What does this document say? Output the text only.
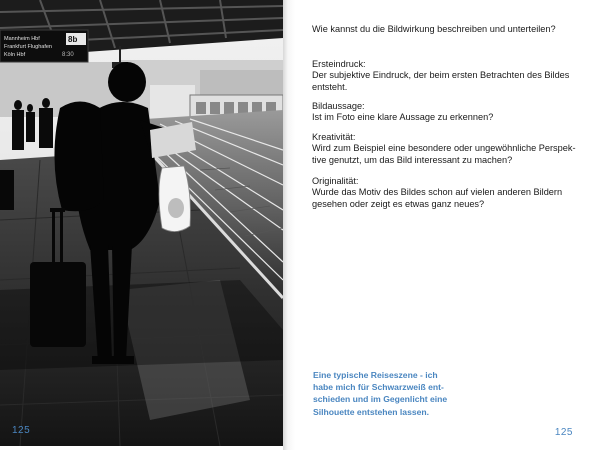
Mannheim Hbf
Frankfurt Flughafen
Köln Hbf
8b
8:30
125
Wie kannst du die Bildwirkung beschreiben und unterteilen?
Ersteindruck:
Der subjektive Eindruck, der beim ersten Betrachten des Bildes entsteht.
Bildaussage:
Ist im Foto eine klare Aussage zu erkennen?
Kreativität:
Wird zum Beispiel eine besondere oder ungewöhnliche Perspek-tive genutzt, um das Bild interessant zu machen?
Originalität:
Wurde das Motiv des Bildes schon auf vielen anderen Bildern gesehen oder zeigt es etwas ganz neues?
Eine typische Reiseszene - ich
habe mich für Schwarzweiß ent-
schieden und im Gegenlicht eine
Silhouette entstehen lassen.
125
